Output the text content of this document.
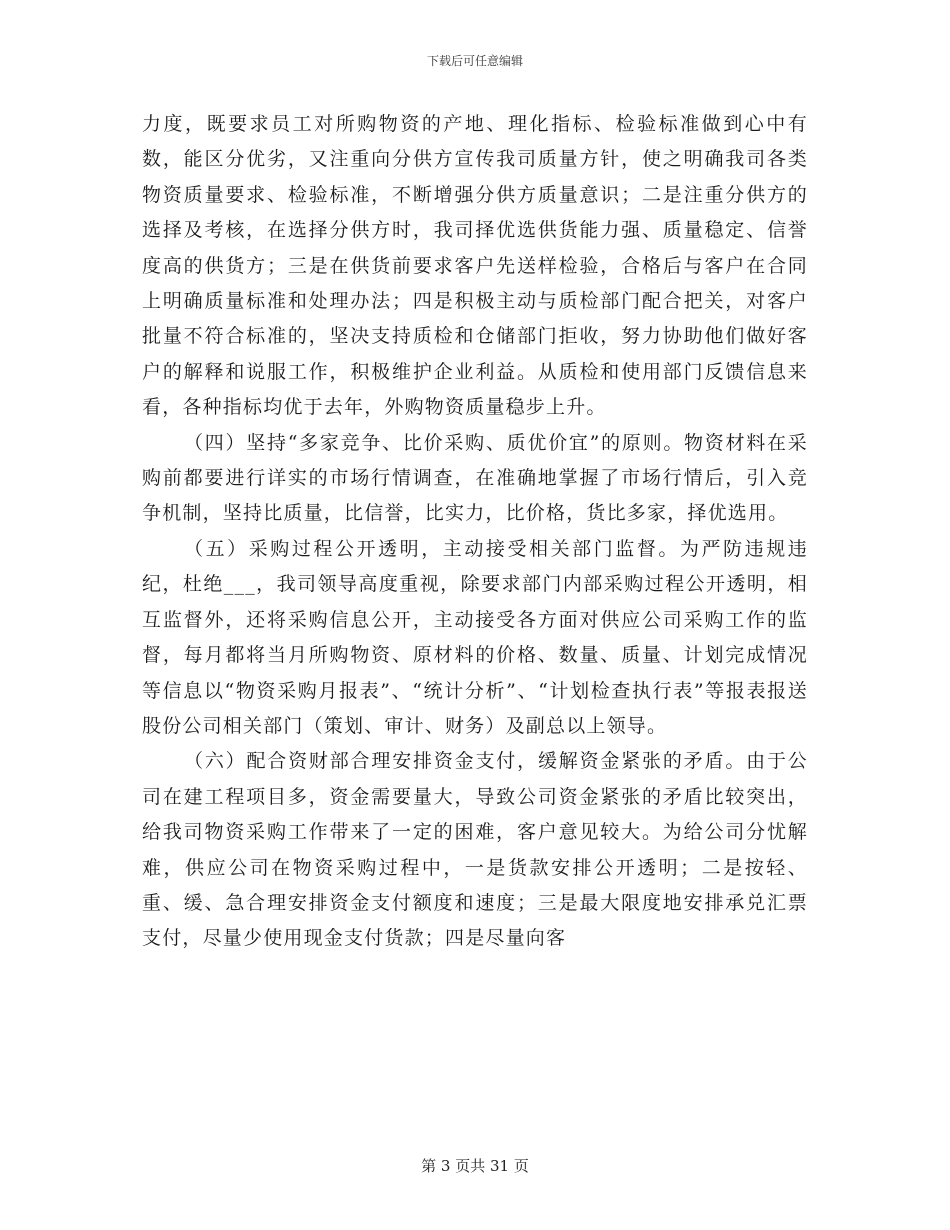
下载后可任意编辑

力度，既要求员工对所购物资的产地、理化指标、检验标准做到心中有数，能区分优劣，又注重向分供方宣传我司质量方针，使之明确我司各类物资质量要求、检验标准，不断增强分供方质量意识；二是注重分供方的选择及考核，在选择分供方时，我司择优选供货能力强、质量稳定、信誉度高的供货方；三是在供货前要求客户先送样检验，合格后与客户在合同上明确质量标准和处理办法；四是积极主动与质检部门配合把关，对客户批量不符合标准的，坚决支持质检和仓储部门拒收，努力协助他们做好客户的解释和说服工作，积极维护企业利益。从质检和使用部门反馈信息来看，各种指标均优于去年，外购物资质量稳步上升。

（四）坚持“多家竞争、比价采购、质优价宜”的原则。物资材料在采购前都要进行详实的市场行情调查，在准确地掌握了市场行情后，引入竞争机制，坚持比质量，比信誉，比实力，比价格，货比多家，择优选用。

（五）采购过程公开透明，主动接受相关部门监督。为严防违规违纪，杜绝___，我司领导高度重视，除要求部门内部采购过程公开透明，相互监督外，还将采购信息公开，主动接受各方面对供应公司采购工作的监督，每月都将当月所购物资、原材料的价格、数量、质量、计划完成情况等信息以“物资采购月报表”、“统计分析”、“计划检查执行表”等报表报送股份公司相关部门（策划、审计、财务）及副总以上领导。

（六）配合资财部合理安排资金支付，缓解资金紧张的矛盾。由于公司在建工程项目多，资金需要量大，导致公司资金紧张的矛盾比较突出，给我司物资采购工作带来了一定的困难，客户意见较大。为给公司分忧解难，供应公司在物资采购过程中，一是货款安排公开透明；二是按轻、重、缓、急合理安排资金支付额度和速度；三是最大限度地安排承兑汇票支付，尽量少使用现金支付货款；四是尽量向客

第 3 页共 31 页
